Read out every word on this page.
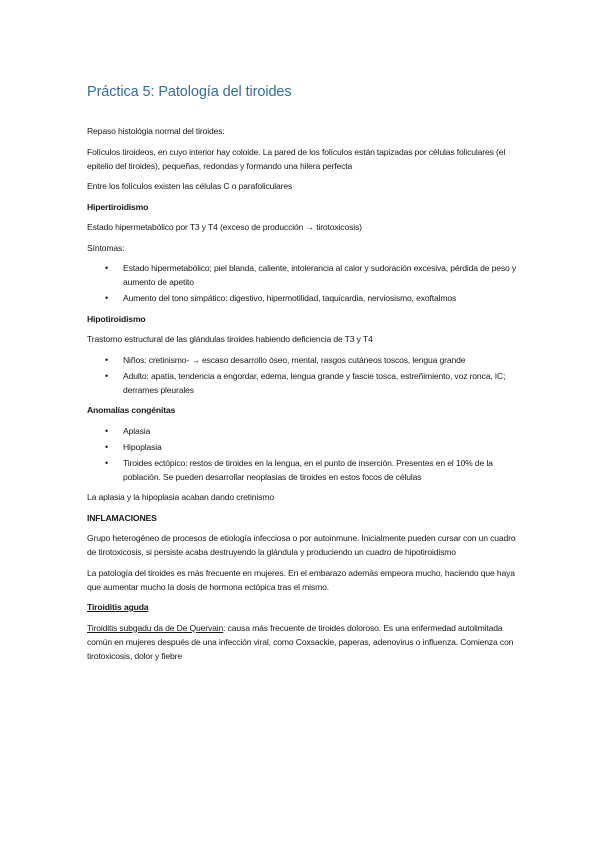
Práctica 5: Patología del tiroides

Repaso histológia normal del tiroides:

Folículos tiroideos, en cuyo interior hay coloide. La pared de los folículos están tapizadas por células foliculares (el epitelio del tiroides), pequeñas, redondas y formando una hilera perfecta

Entre los folículos existen las células C o parafoliculares

Hipertiroidismo

Estado hipermetabólico por T3 y T4 (exceso de producción → tirotoxicosis)

Síntomas:

• Estado hipermetabólico; piel blanda, caliente, intolerancia al calor y sudoración excesiva, pérdida de peso y aumento de apetito
• Aumento del tono simpático: digestivo, hipermotilidad, taquicardia, nerviosismo, exoftalmos

Hipotiroidismo

Trastorno estructural de las glándulas tiroides habiendo deficiencia de T3 y T4

• Niños: cretinismo- → escaso desarrollo óseo, mental, rasgos cutáneos toscos, lengua grande
• Adulto: apatía, tendencia a engordar, edema, lengua grande y fascie tosca, estreñimiento, voz ronca, IC; derrames pleurales

Anomalías congénitas

• Aplasia
• Hipoplasia
• Tiroides ectópico: restos de tiroides en la lengua, en el punto de inserción. Presentes en el 10% de la población. Se pueden desarrollar neoplasias de tiroides en estos focos de células

La aplasia y la hipoplasia acaban dando cretinismo

INFLAMACIONES

Grupo heterogéneo de procesos de etiología infecciosa o por autoinmune. Inicialmente pueden cursar con un cuadro de tirotoxicosis, si persiste acaba destruyendo la glándula y produciendo un cuadro de hipotiroidismo

La patología del tiroides es más frecuente en mujeres. En el embarazo además empeora mucho, haciendo que haya que aumentar mucho la dosis de hormona ectópica tras el mismo.

Tiroiditis aguda

Tiroiditis subgadu da de De Quervain: causa más frecuente de tiroides doloroso. Es una enfermedad autolimitada común en mujeres después de una infección viral, como Coxsackie, paperas, adenovirus o influenza. Comienza con tirotoxicosis, dolor y fiebre
